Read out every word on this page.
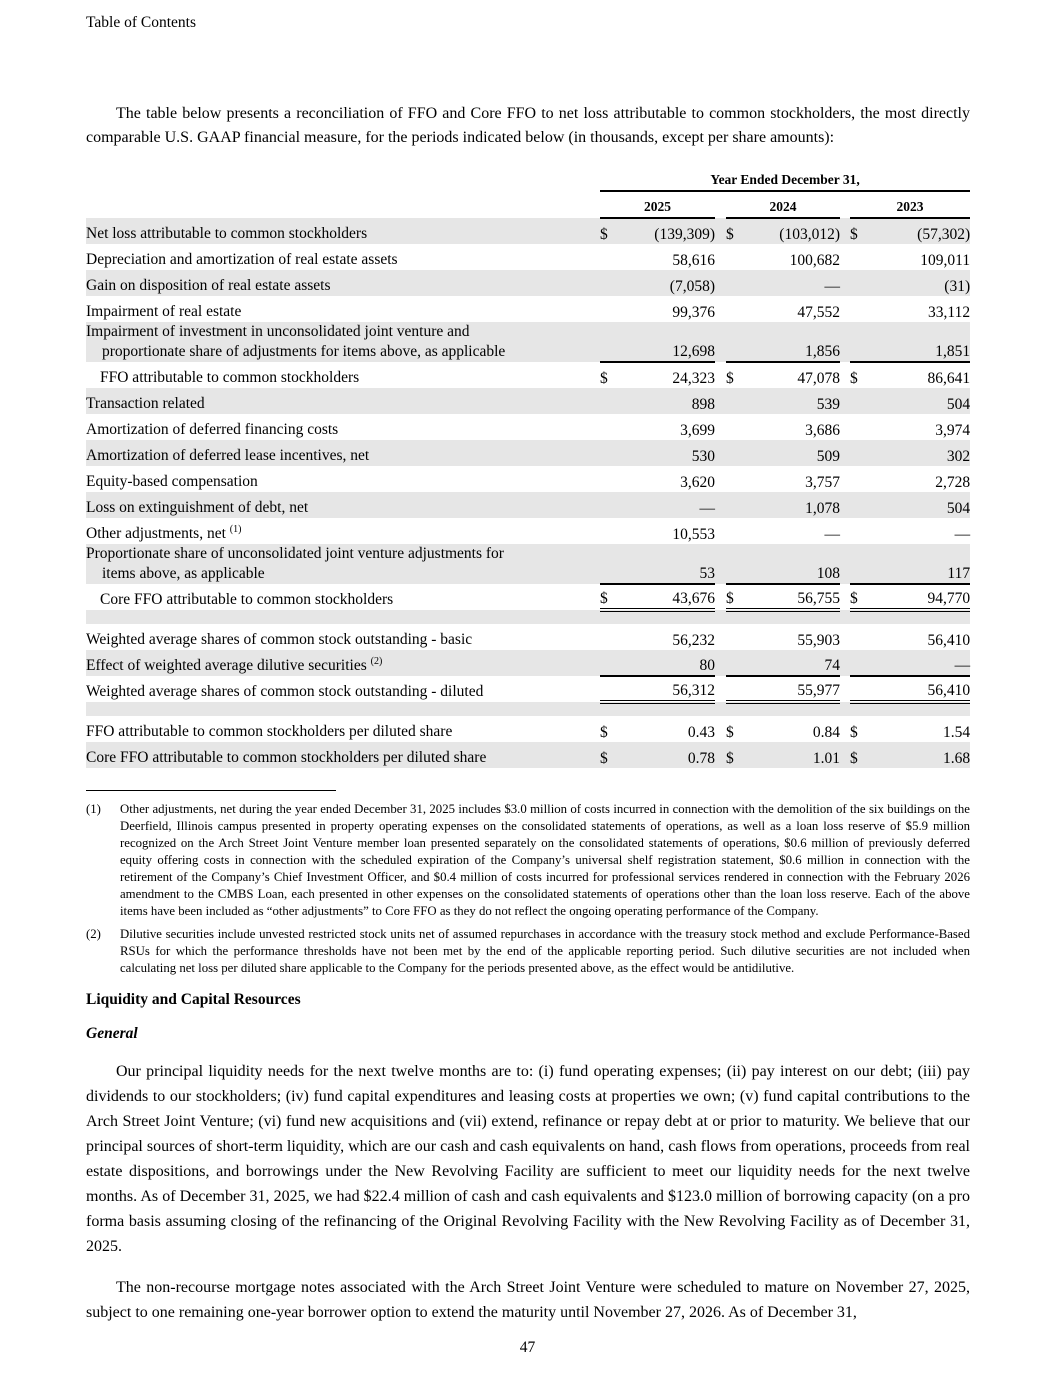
Table of Contents

The table below presents a reconciliation of FFO and Core FFO to net loss attributable to common stockholders, the most directly comparable U.S. GAAP financial measure, for the periods indicated below (in thousands, except per share amounts):

	Year Ended December 31,							
	2025			2024			2023	
Net loss attributable to common stockholders	$	(139,309)		$	(103,012)		$	(57,302)
Depreciation and amortization of real estate assets		58,616			100,682			109,011
Gain on disposition of real estate assets		(7,058)			—			(31)
Impairment of real estate		99,376			47,552			33,112

Impairment of investment in unconsolidated joint venture and
proportionate share of adjustments for items above, as applicable		12,698			1,856			1,851
FFO attributable to common stockholders	$	24,323		$	47,078		$	86,641
Transaction related		898			539			504
Amortization of deferred financing costs		3,699			3,686			3,974
Amortization of deferred lease incentives, net		530			509			302
Equity-based compensation		3,620			3,757			2,728
Loss on extinguishment of debt, net		—			1,078			504
Other adjustments, net $^{(1)}$		10,553			—			—

Proportionate share of unconsolidated joint venture adjustments for
items above, as applicable		53			108			117
Core FFO attributable to common stockholders	$	43,676		$	56,755		$	94,770

Weighted average shares of common stock outstanding - basic		56,232			55,903			56,410
Effect of weighted average dilutive securities $^{(2)}$		80			74			—
Weighted average shares of common stock outstanding - diluted		56,312			55,977			56,410

FFO attributable to common stockholders per diluted share	$	0.43		$	0.84		$	1.54
Core FFO attributable to common stockholders per diluted share	$	0.78		$	1.01		$	1.68
(1)	Other adjustments, net during the year ended December 31, 2025 includes $3.0 million of costs incurred in connection with the demolition of the six buildings on the Deerfield, Illinois campus presented in property operating expenses on the consolidated statements of operations, as well as a loan loss reserve of $5.9 million recognized on the Arch Street Joint Venture member loan presented separately on the consolidated statements of operations, $0.6 million of previously deferred equity offering costs in connection with the scheduled expiration of the Company’s universal shelf registration statement, $0.6 million in connection with the retirement of the Company’s Chief Investment Officer, and $0.4 million of costs incurred for professional services rendered in connection with the February 2026 amendment to the CMBS Loan, each presented in other expenses on the consolidated statements of operations other than the loan loss reserve. Each of the above items have been included as “other adjustments” to Core FFO as they do not reflect the ongoing operating performance of the Company.
(2)	Dilutive securities include unvested restricted stock units net of assumed repurchases in accordance with the treasury stock method and exclude Performance-Based RSUs for which the performance thresholds have not been met by the end of the applicable reporting period. Such dilutive securities are not included when calculating net loss per diluted share applicable to the Company for the periods presented above, as the effect would be antidilutive.
Liquidity and Capital Resources
General

Our principal liquidity needs for the next twelve months are to: (i) fund operating expenses; (ii) pay interest on our debt; (iii) pay dividends to our stockholders; (iv) fund capital expenditures and leasing costs at properties we own; (v) fund capital contributions to the Arch Street Joint Venture; (vi) fund new acquisitions and (vii) extend, refinance or repay debt at or prior to maturity. We believe that our principal sources of short-term liquidity, which are our cash and cash equivalents on hand, cash flows from operations, proceeds from real estate dispositions, and borrowings under the New Revolving Facility are sufficient to meet our liquidity needs for the next twelve months. As of December 31, 2025, we had $22.4 million of cash and cash equivalents and $123.0 million of borrowing capacity (on a pro forma basis assuming closing of the refinancing of the Original Revolving Facility with the New Revolving Facility as of December 31, 2025.

The non-recourse mortgage notes associated with the Arch Street Joint Venture were scheduled to mature on November 27, 2025, subject to one remaining one-year borrower option to extend the maturity until November 27, 2026. As of December 31,

47
